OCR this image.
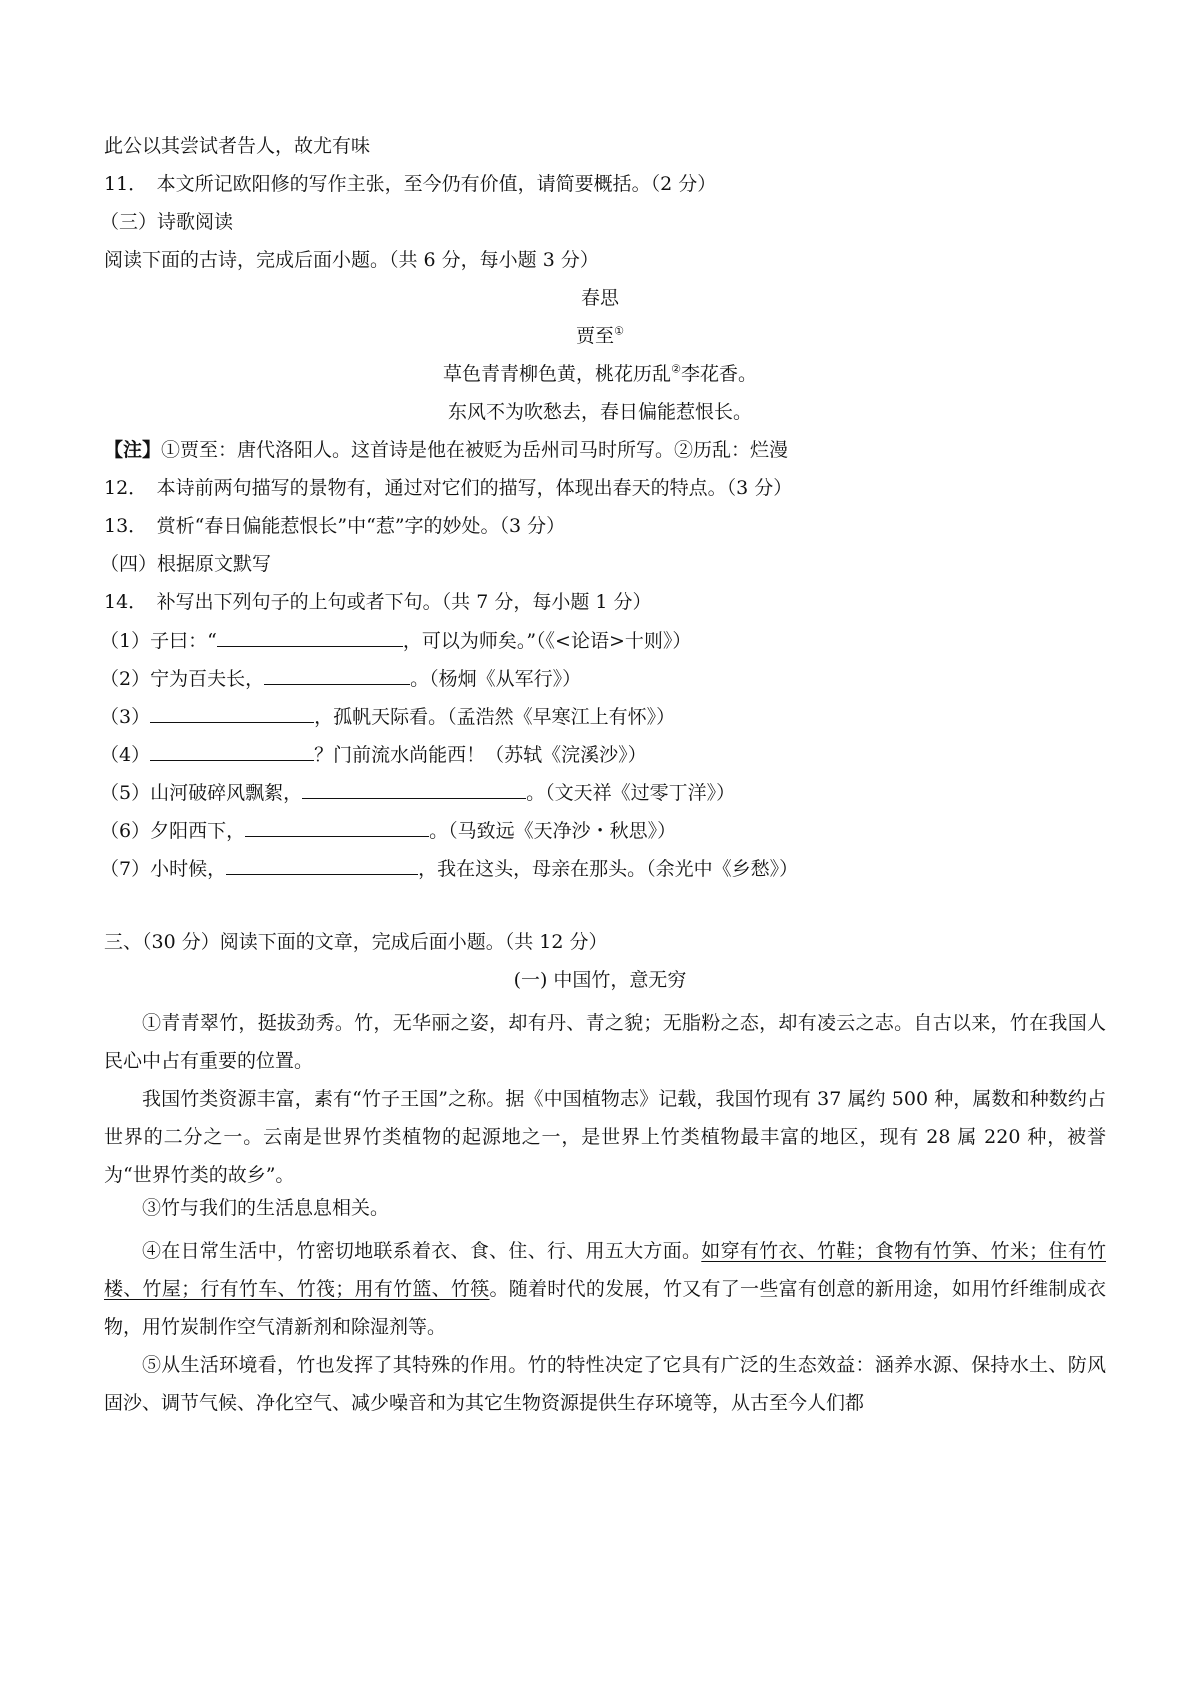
此公以其尝试者告人，故尤有味
11．　本文所记欧阳修的写作主张，至今仍有价值，请简要概括。（2 分）
（三）诗歌阅读
阅读下面的古诗，完成后面小题。（共 6 分，每小题 3 分）
春思
贾至①
草色青青柳色黄，桃花历乱②李花香。
东风不为吹愁去，春日偏能惹恨长。
【注】①贾至：唐代洛阳人。这首诗是他在被贬为岳州司马时所写。②历乱：烂漫
12．　本诗前两句描写的景物有，通过对它们的描写，体现出春天的特点。（3 分）
13．　赏析“春日偏能惹恨长”中“惹”字的妙处。（3 分）
（四）根据原文默写
14．　补写出下列句子的上句或者下句。（共 7 分，每小题 1 分）
（1）子曰：“	，可以为师矣。”（《<论语>十则》）
（2）宁为百夫长，	。（杨炯《从军行》）
（3）	，孤帆天际看。（孟浩然《早寒江上有怀》）
（4）	？门前流水尚能西！（苏轼《浣溪沙》）
（5）山河破碎风飘絮，	。（文天祥《过零丁洋》）
（6）夕阳西下，	。（马致远《天净沙・秋思》）
（7）小时候，	，我在这头，母亲在那头。（余光中《乡愁》）
三、（30 分）阅读下面的文章，完成后面小题。（共 12 分）
(一) 中国竹，意无穷
①青青翠竹，挺拔劲秀。竹，无华丽之姿，却有丹、青之貌；无脂粉之态，却有凌云之志。自古以来，竹在我国人民心中占有重要的位置。
我国竹类资源丰富，素有“竹子王国”之称。据《中国植物志》记载，我国竹现有 37 属约 500 种，属数和种数约占世界的二分之一。云南是世界竹类植物的起源地之一，是世界上竹类植物最丰富的地区，现有 28 属 220 种，被誉为“世界竹类的故乡”。
③竹与我们的生活息息相关。
④在日常生活中，竹密切地联系着衣、食、住、行、用五大方面。如穿有竹衣、竹鞋；食物有竹笋、竹米；住有竹楼、竹屋；行有竹车、竹筏；用有竹篮、竹筷。随着时代的发展，竹又有了一些富有创意的新用途，如用竹纤维制成衣物，用竹炭制作空气清新剂和除湿剂等。
⑤从生活环境看，竹也发挥了其特殊的作用。竹的特性决定了它具有广泛的生态效益：涵养水源、保持水土、防风固沙、调节气候、净化空气、减少噪音和为其它生物资源提供生存环境等，从古至今人们都
